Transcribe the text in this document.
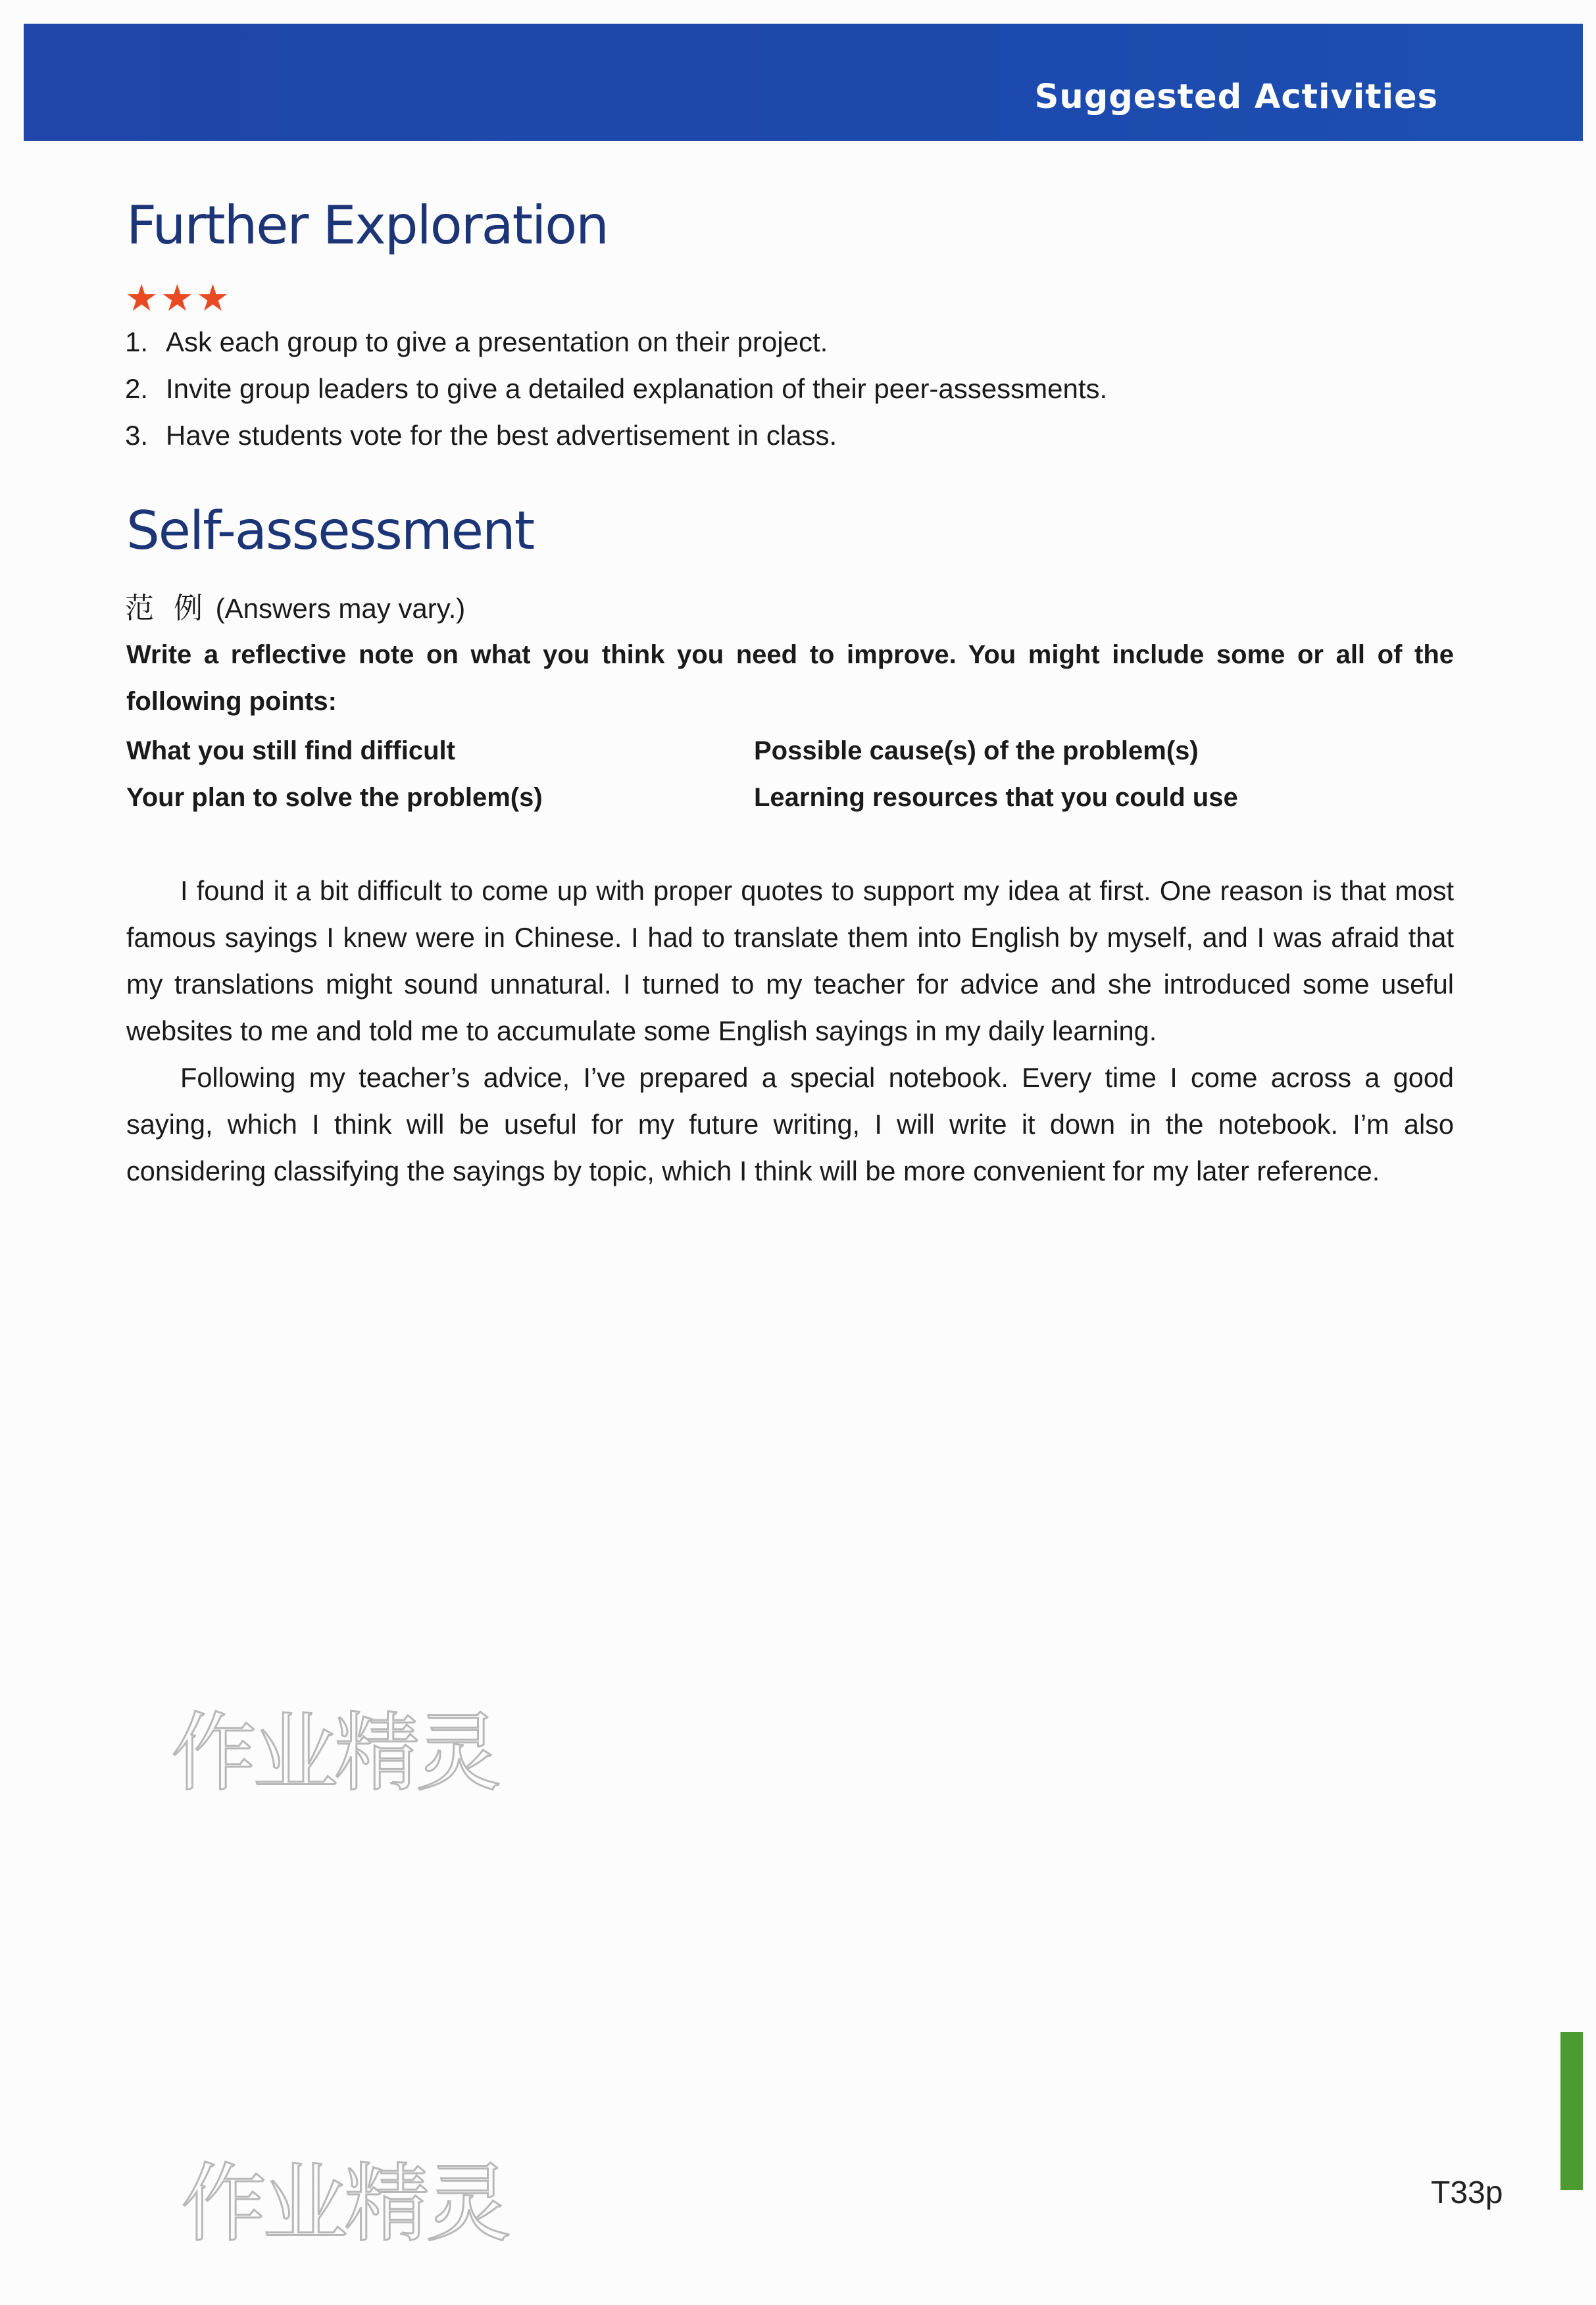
Suggested Activities
Further Exploration
★★★
1. Ask each group to give a presentation on their project.
2. Invite group leaders to give a detailed explanation of their peer-assessments.
3. Have students vote for the best advertisement in class.
Self-assessment
范 例 (Answers may vary.)
Write a reflective note on what you think you need to improve. You might include some or all of the following points:
What you still find difficult	Possible cause(s) of the problem(s)
Your plan to solve the problem(s)	Learning resources that you could use

I found it a bit difficult to come up with proper quotes to support my idea at first. One reason is that most famous sayings I knew were in Chinese. I had to translate them into English by myself, and I was afraid that my translations might sound unnatural. I turned to my teacher for advice and she introduced some useful websites to me and told me to accumulate some English sayings in my daily learning.

Following my teacher’s advice, I’ve prepared a special notebook. Every time I come across a good saying, which I think will be useful for my future writing, I will write it down in the notebook. I’m also considering classifying the sayings by topic, which I think will be more convenient for my later reference.

作业精灵
作业精灵	T33p
